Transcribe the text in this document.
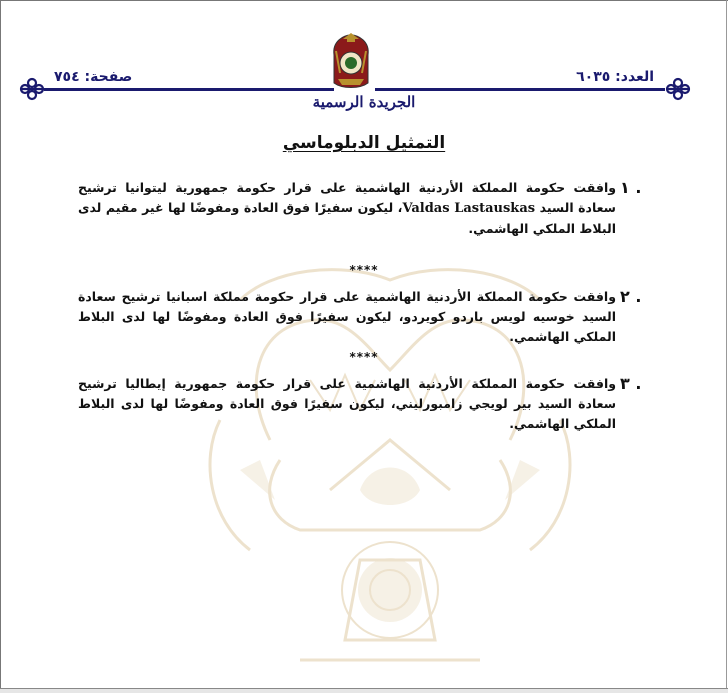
العدد: ٦٠٣٥
صفحة: ٧٥٤
الجريدة الرسمية
التمثيل الدبلوماسي
١ .
وافقت حكومة المملكة الأردنية الهاشمية على قرار حكومة جمهورية ليتوانيا ترشيح سعادة السيد Valdas Lastauskas، ليكون سفيرًا فوق العادة ومفوضًا لها غير مقيم لدى البلاط الملكي الهاشمي.
****
٢ .
وافقت حكومة المملكة الأردنية الهاشمية على قرار حكومة مملكة اسبانيا ترشيح سعادة السيد خوسيه لويس باردو كويردو، ليكون سفيرًا فوق العادة ومفوضًا لها لدى البلاط الملكي الهاشمي.
****
٣ .
وافقت حكومة المملكة الأردنية الهاشمية على قرار حكومة جمهورية إيطاليا ترشيح سعادة السيد بير لويجي زامبورليني، ليكون سفيرًا فوق العادة ومفوضًا لها لدى البلاط الملكي الهاشمي.
